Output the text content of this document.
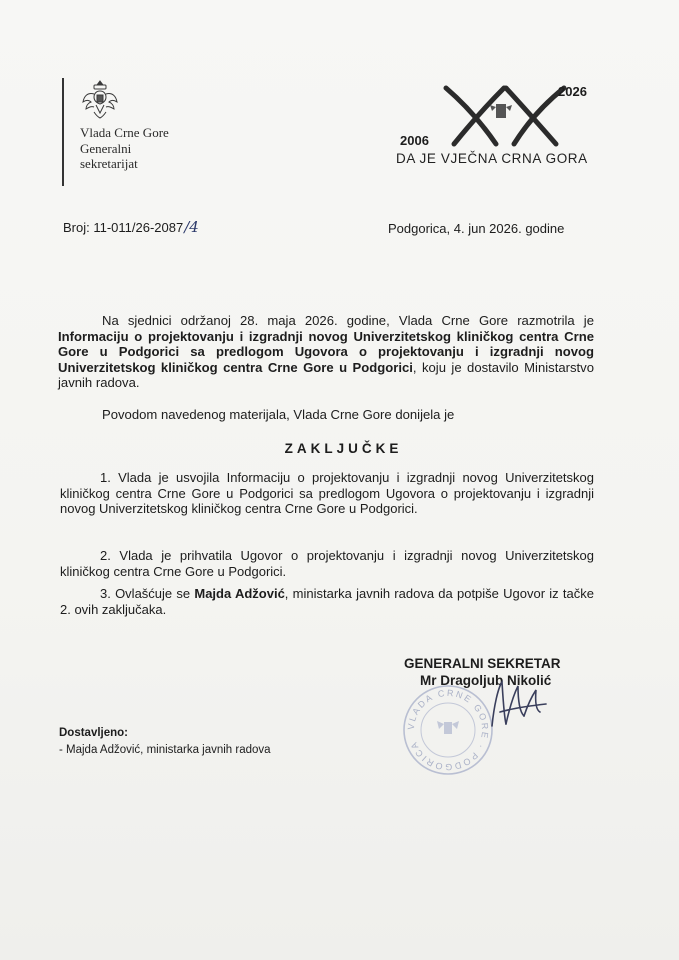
Vlada Crne Gore
Generalni
sekretarijat
2026
2006
DA JE VJEČNA CRNA GORA
Broj: 11-011/26-2087/4	Podgorica, 4. jun 2026. godine

Na sjednici održanoj 28. maja 2026. godine, Vlada Crne Gore razmotrila je Informaciju o projektovanju i izgradnji novog Univerzitetskog kliničkog centra Crne Gore u Podgorici sa predlogom Ugovora o projektovanju i izgradnji novog Univerzitetskog kliničkog centra Crne Gore u Podgorici, koju je dostavilo Ministarstvo javnih radova.

Povodom navedenog materijala, Vlada Crne Gore donijela je

ZAKLJUČKE

1. Vlada je usvojila Informaciju o projektovanju i izgradnji novog Univerzitetskog kliničkog centra Crne Gore u Podgorici sa predlogom Ugovora o projektovanju i izgradnji novog Univerzitetskog kliničkog centra Crne Gore u Podgorici.

2. Vlada je prihvatila Ugovor o projektovanju i izgradnji novog Univerzitetskog kliničkog centra Crne Gore u Podgorici.

3. Ovlašćuje se Majda Adžović, ministarka javnih radova da potpiše Ugovor iz tačke 2. ovih zaključaka.

VLADA CRNE GORE · PODGORICA
GENERALNI SEKRETAR
Mr Dragoljub Nikolić
Dostavljeno:
- Majda Adžović, ministarka javnih radova
